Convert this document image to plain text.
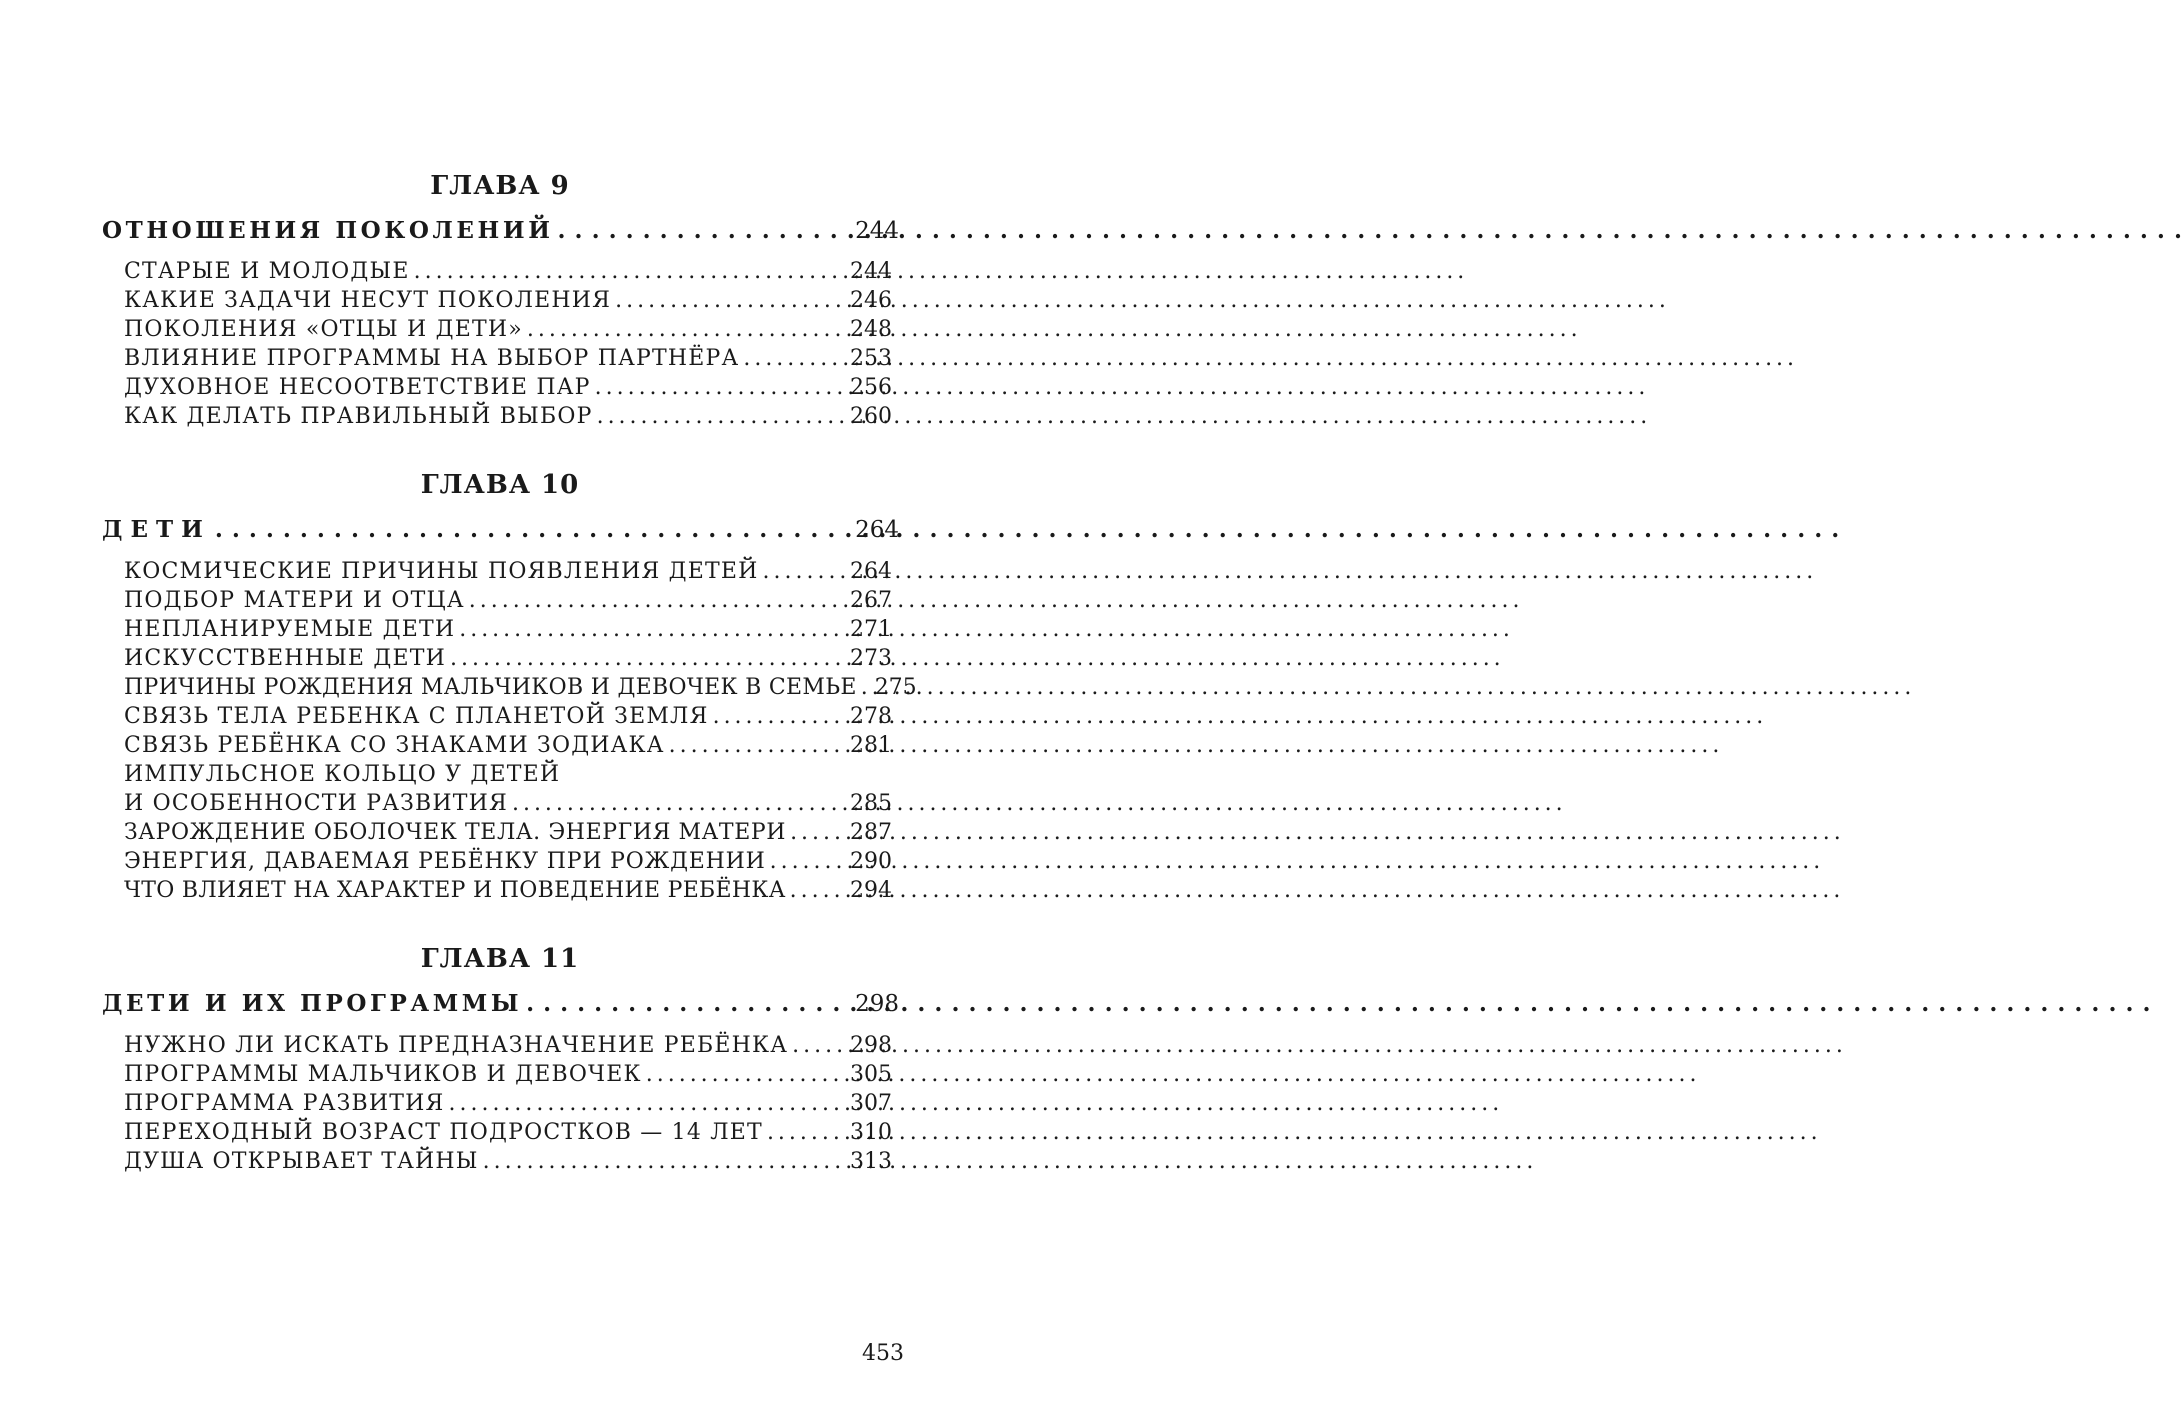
ГЛАВА 9
ОТНОШЕНИЯ ПОКОЛЕНИЙ . . .	244
СТАРЫЕ И МОЛОДЫЕ . . .	244
КАКИЕ ЗАДАЧИ НЕСУТ ПОКОЛЕНИЯ . . .	246
ПОКОЛЕНИЯ «ОТЦЫ И ДЕТИ» . . .	248
ВЛИЯНИЕ ПРОГРАММЫ НА ВЫБОР ПАРТНЁРА . . .	253
ДУХОВНОЕ НЕСООТВЕТСТВИЕ ПАР . . .	256
КАК ДЕЛАТЬ ПРАВИЛЬНЫЙ ВЫБОР . . .	260
ГЛАВА 10
ДЕТИ . . .	264
КОСМИЧЕСКИЕ ПРИЧИНЫ ПОЯВЛЕНИЯ ДЕТЕЙ . . .	264
ПОДБОР МАТЕРИ И ОТЦА . . .	267
НЕПЛАНИРУЕМЫЕ ДЕТИ . . .	271
ИСКУССТВЕННЫЕ ДЕТИ . . .	273
ПРИЧИНЫ РОЖДЕНИЯ МАЛЬЧИКОВ И ДЕВОЧЕК В СЕМЬЕ . . . 275
СВЯЗЬ ТЕЛА РЕБЕНКА С ПЛАНЕТОЙ ЗЕМЛЯ . . .	278
СВЯЗЬ РЕБЁНКА СО ЗНАКАМИ ЗОДИАКА . . .	281
ИМПУЛЬСНОЕ КОЛЬЦО У ДЕТЕЙ
И ОСОБЕННОСТИ РАЗВИТИЯ . . .	285
ЗАРОЖДЕНИЕ ОБОЛОЧЕК ТЕЛА. ЭНЕРГИЯ МАТЕРИ . . .	287
ЭНЕРГИЯ, ДАВАЕМАЯ РЕБЁНКУ ПРИ РОЖДЕНИИ . . .	290
ЧТО ВЛИЯЕТ НА ХАРАКТЕР И ПОВЕДЕНИЕ РЕБЁНКА . . .	294
ГЛАВА 11
ДЕТИ И ИХ ПРОГРАММЫ . . .	298
НУЖНО ЛИ ИСКАТЬ ПРЕДНАЗНАЧЕНИЕ РЕБЁНКА . . .	298
ПРОГРАММЫ МАЛЬЧИКОВ И ДЕВОЧЕК . . .	305
ПРОГРАММА РАЗВИТИЯ . . .	307
ПЕРЕХОДНЫЙ ВОЗРАСТ ПОДРОСТКОВ — 14 ЛЕТ . . .	310
ДУША ОТКРЫВАЕТ ТАЙНЫ . . .	313
453
